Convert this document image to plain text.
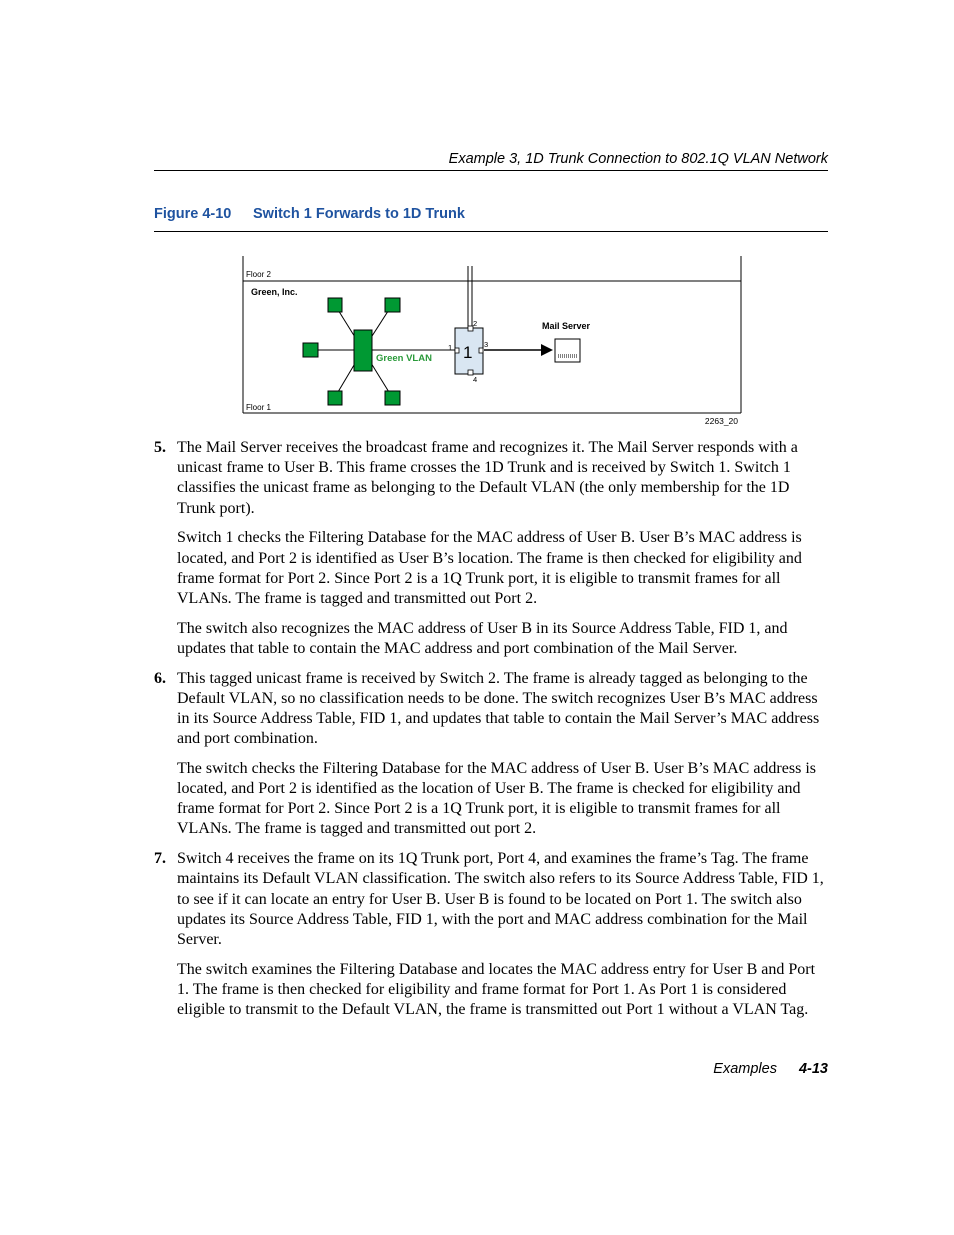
Example 3, 1D Trunk Connection to 802.1Q VLAN Network
Figure 4-10 Switch 1 Forwards to 1D Trunk
Floor 2
Floor 1
Green, Inc.
Green VLAN 1
1
2
3
4
Mail Server
2263_20
5. The Mail Server receives the broadcast frame and recognizes it. The Mail Server responds with a unicast frame to User B. This frame crosses the 1D Trunk and is received by Switch 1. Switch 1 classifies the unicast frame as belonging to the Default VLAN (the only membership for the 1D Trunk port).

Switch 1 checks the Filtering Database for the MAC address of User B. User B’s MAC address is located, and Port 2 is identified as User B’s location. The frame is then checked for eligibility and frame format for Port 2. Since Port 2 is a 1Q Trunk port, it is eligible to transmit frames for all VLANs. The frame is tagged and transmitted out Port 2.

The switch also recognizes the MAC address of User B in its Source Address Table, FID 1, and updates that table to contain the MAC address and port combination of the Mail Server.

6. This tagged unicast frame is received by Switch 2. The frame is already tagged as belonging to the Default VLAN, so no classification needs to be done. The switch recognizes User B’s MAC address in its Source Address Table, FID 1, and updates that table to contain the Mail Server’s MAC address and port combination.

The switch checks the Filtering Database for the MAC address of User B. User B’s MAC address is located, and Port 2 is identified as the location of User B. The frame is checked for eligibility and frame format for Port 2. Since Port 2 is a 1Q Trunk port, it is eligible to transmit frames for all VLANs. The frame is tagged and transmitted out port 2.

7. Switch 4 receives the frame on its 1Q Trunk port, Port 4, and examines the frame’s Tag. The frame maintains its Default VLAN classification. The switch also refers to its Source Address Table, FID 1, to see if it can locate an entry for User B. User B is found to be located on Port 1. The switch also updates its Source Address Table, FID 1, with the port and MAC address combination for the Mail Server.

The switch examines the Filtering Database and locates the MAC address entry for User B and Port 1. The frame is then checked for eligibility and frame format for Port 1. As Port 1 is considered eligible to transmit to the Default VLAN, the frame is transmitted out Port 1 without a VLAN Tag.

Examples 4-13
